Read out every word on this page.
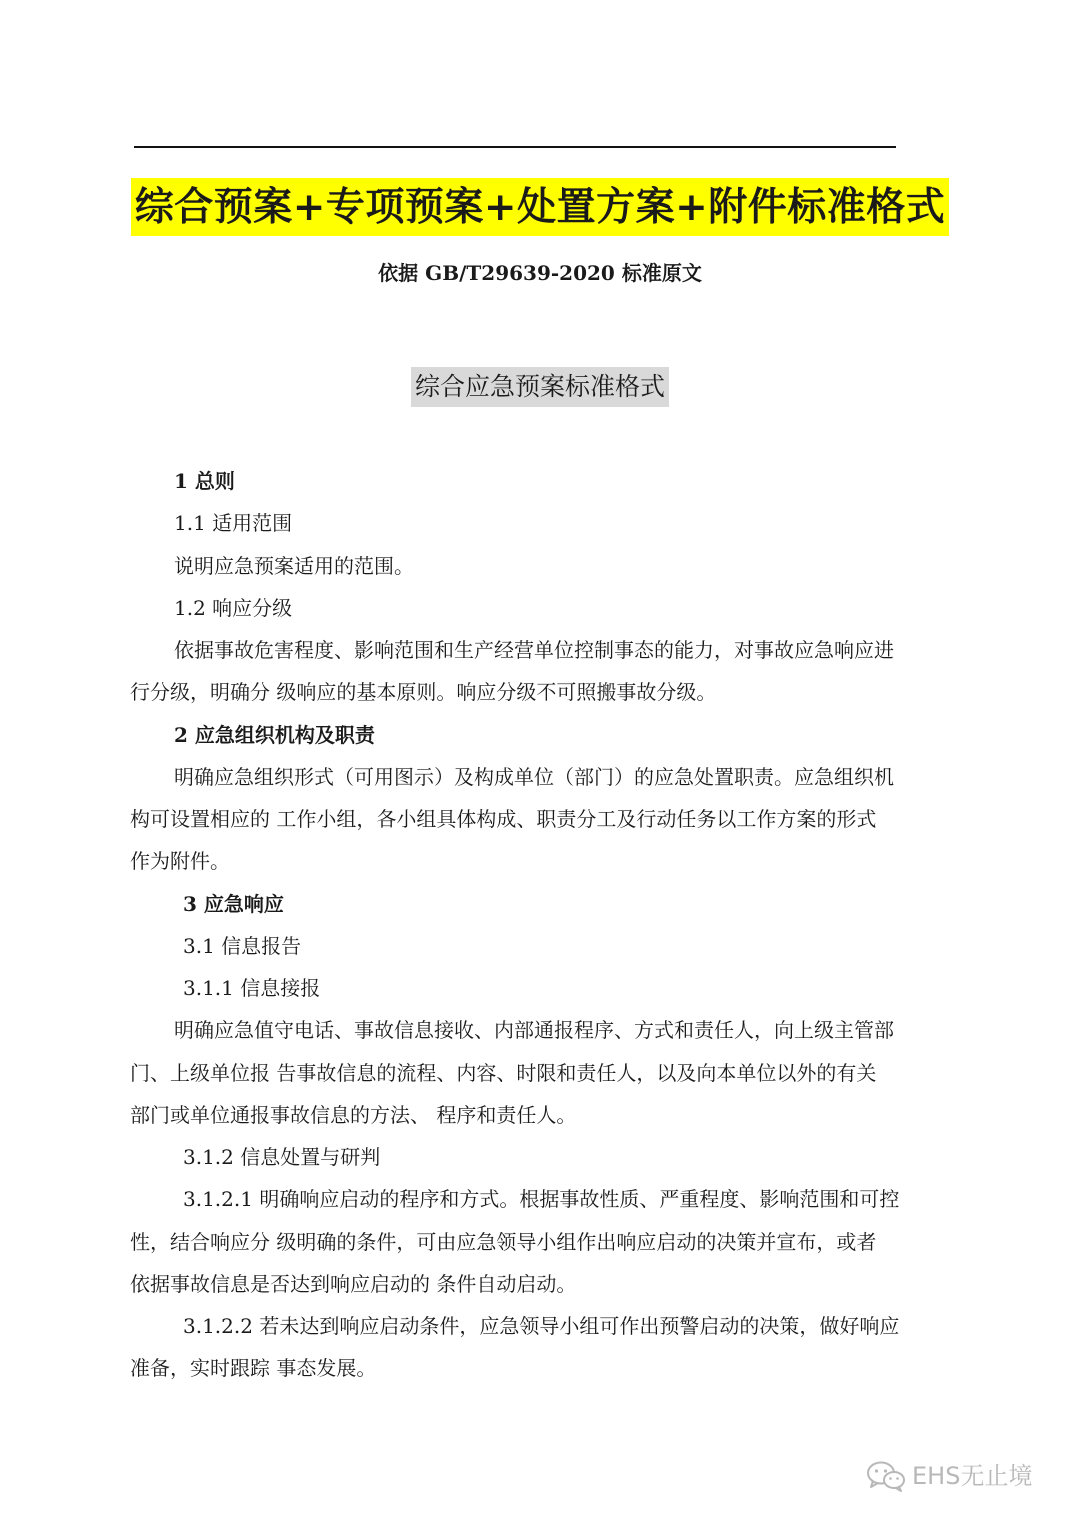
综合预案+专项预案+处置方案+附件标准格式
依据 GB/T29639-2020 标准原文
综合应急预案标准格式
1 总则
1.1 适用范围
说明应急预案适用的范围。
1.2 响应分级
依据事故危害程度、影响范围和生产经营单位控制事态的能力，对事故应急响应进
行分级，明确分 级响应的基本原则。响应分级不可照搬事故分级。
2 应急组织机构及职责
明确应急组织形式（可用图示）及构成单位（部门）的应急处置职责。应急组织机
构可设置相应的 工作小组，各小组具体构成、职责分工及行动任务以工作方案的形式
作为附件。
3 应急响应
3.1 信息报告
3.1.1 信息接报
明确应急值守电话、事故信息接收、内部通报程序、方式和责任人，向上级主管部
门、上级单位报 告事故信息的流程、内容、时限和责任人，以及向本单位以外的有关
部门或单位通报事故信息的方法、 程序和责任人。
3.1.2 信息处置与研判
3.1.2.1 明确响应启动的程序和方式。根据事故性质、严重程度、影响范围和可控
性，结合响应分 级明确的条件，可由应急领导小组作出响应启动的决策并宣布，或者
依据事故信息是否达到响应启动的 条件自动启动。
3.1.2.2 若未达到响应启动条件，应急领导小组可作出预警启动的决策，做好响应
准备，实时跟踪 事态发展。
EHS无止境
